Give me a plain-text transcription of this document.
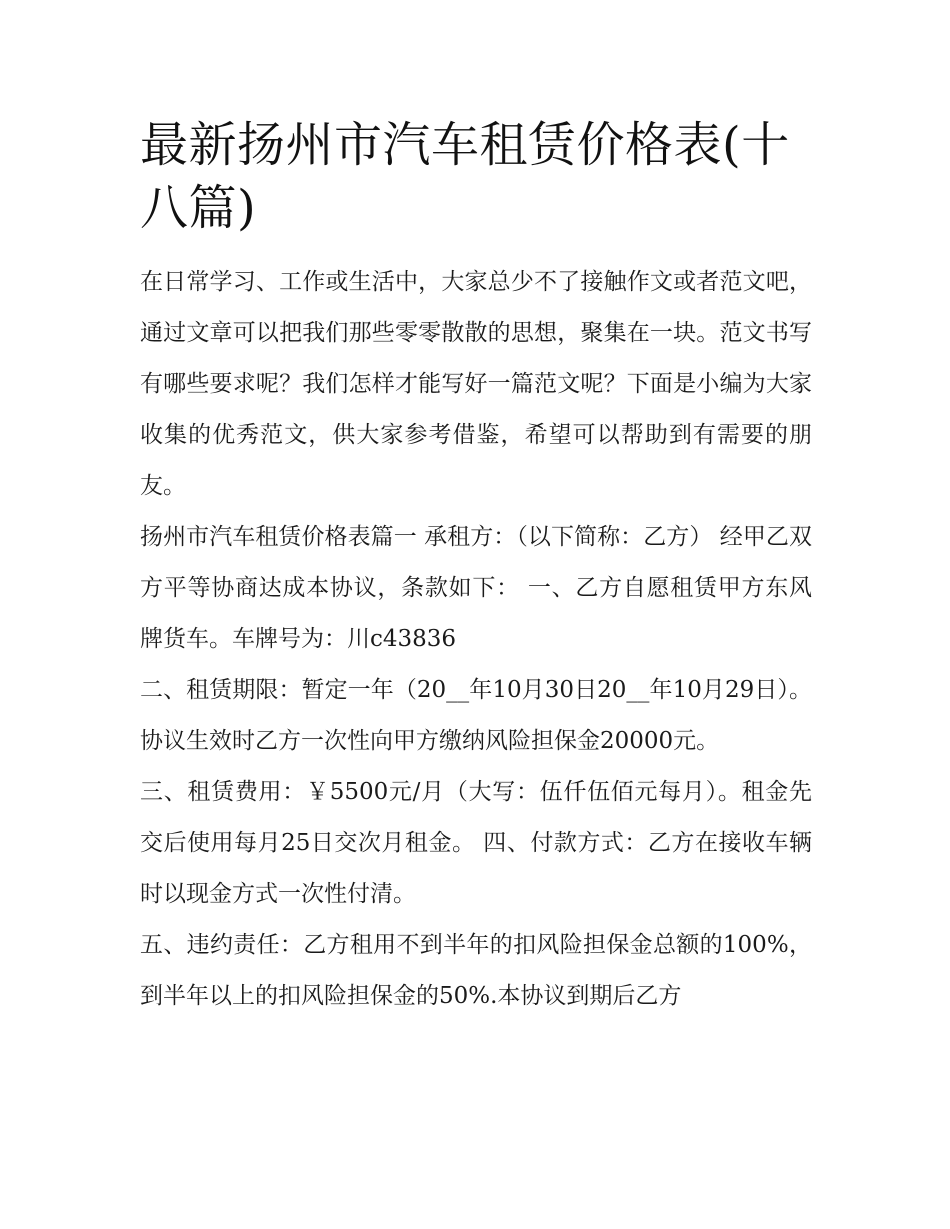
最新扬州市汽车租赁价格表(十八篇)

在日常学习、工作或生活中，大家总少不了接触作文或者范文吧，通过文章可以把我们那些零零散散的思想，聚集在一块。范文书写有哪些要求呢？我们怎样才能写好一篇范文呢？下面是小编为大家收集的优秀范文，供大家参考借鉴，希望可以帮助到有需要的朋友。

扬州市汽车租赁价格表篇一 承租方：（以下简称：乙方） 经甲乙双方平等协商达成本协议，条款如下： 一、乙方自愿租赁甲方东风牌货车。车牌号为：川c43836

二、租赁期限：暂定一年（20__年10月30日20__年10月29日）。协议生效时乙方一次性向甲方缴纳风险担保金20000元。

三、租赁费用：￥5500元/月（大写：伍仟伍佰元每月）。租金先交后使用每月25日交次月租金。 四、付款方式：乙方在接收车辆时以现金方式一次性付清。

五、违约责任：乙方租用不到半年的扣风险担保金总额的100%，到半年以上的扣风险担保金的50%.本协议到期后乙方
